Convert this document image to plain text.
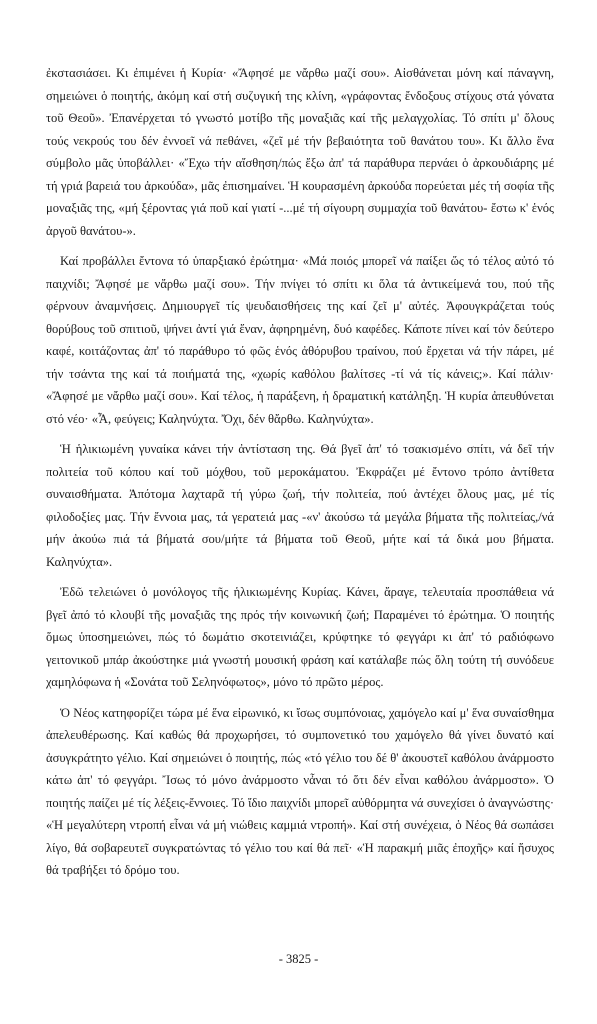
ἐκστασιάσει. Κι ἐπιμένει ἡ Κυρία· «Ἄφησέ με νἄρθω μαζί σου». Αἰσθάνεται μόνη καί πάναγνη, σημειώνει ὁ ποιητής, ἀκόμη καί στή συζυγική της κλίνη, «γράφοντας ἔνδοξους στίχους στά γόνατα τοῦ Θεοῦ». Ἐπανέρχεται τό γνωστό μοτίβο τῆς μοναξιᾶς καί τῆς μελαγχολίας. Τό σπίτι μ' ὅλους τούς νεκρούς του δέν ἐννοεῖ νά πεθάνει, «ζεῖ μέ τήν βεβαιότητα τοῦ θανάτου του». Κι ἄλλο ἕνα σύμβολο μᾶς ὑποβάλλει· «Ἔχω τήν αἴσθηση/πώς ἔξω ἀπ' τά παράθυρα περνάει ὁ ἀρκουδιάρης μέ τή γριά βαρειά του ἀρκούδα», μᾶς ἐπισημαίνει. Ἡ κουρασμένη ἀρκούδα πορεύεται μές τή σοφία τῆς μοναξιᾶς της, «μή ξέροντας γιά ποῦ καί γιατί -...μέ τή σίγουρη συμμαχία τοῦ θανάτου- ἔστω κ' ἑνός ἀργοῦ θανάτου-».

Καί προβάλλει ἔντονα τό ὑπαρξιακό ἐρώτημα· «Μά ποιός μπορεῖ νά παίξει ὥς τό τέλος αὐτό τό παιχνίδι; Ἄφησέ με νἄρθω μαζί σου». Τήν πνίγει τό σπίτι κι ὅλα τά ἀντικείμενά του, πού τῆς φέρνουν ἀναμνήσεις. Δημιουργεῖ τίς ψευδαισθήσεις της καί ζεῖ μ' αὐτές. Ἀφουγκράζεται τούς θορύβους τοῦ σπιτιοῦ, ψήνει ἀντί γιά ἕναν, ἀφηρημένη, δυό καφέδες. Κάποτε πίνει καί τόν δεύτερο καφέ, κοιτάζοντας ἀπ' τό παράθυρο τό φῶς ἑνός ἀθόρυβου τραίνου, πού ἔρχεται νά τήν πάρει, μέ τήν τσάντα της καί τά ποιήματά της, «χωρίς καθόλου βαλίτσες -τί νά τίς κάνεις;». Καί πάλιν· «Ἄφησέ με νἄρθω μαζί σου». Καί τέλος, ἡ παράξενη, ἡ δραματική κατάληξη. Ἡ κυρία ἀπευθύνεται στό νέο· «Ἆ, φεύγεις; Καληνύχτα. Ὄχι, δέν θἄρθω. Καληνύχτα».

Ἡ ἡλικιωμένη γυναίκα κάνει τήν ἀντίσταση της. Θά βγεῖ ἀπ' τό τσακισμένο σπίτι, νά δεῖ τήν πολιτεία τοῦ κόπου καί τοῦ μόχθου, τοῦ μεροκάματου. Ἐκφράζει μέ ἔντονο τρόπο ἀντίθετα συναισθήματα. Ἀπότομα λαχταρᾶ τή γύρω ζωή, τήν πολιτεία, πού ἀντέχει ὅλους μας, μέ τίς φιλοδοξίες μας. Τήν ἔννοια μας, τά γερατειά μας -«ν' ἀκούσω τά μεγάλα βήματα τῆς πολιτείας,/νά μήν ἀκούω πιά τά βήματά σου/μήτε τά βήματα τοῦ Θεοῦ, μήτε καί τά δικά μου βήματα. Καληνύχτα».

Ἐδῶ τελειώνει ὁ μονόλογος τῆς ἡλικιωμένης Κυρίας. Κάνει, ἄραγε, τελευταία προσπάθεια νά βγεῖ ἀπό τό κλουβί τῆς μοναξιᾶς της πρός τήν κοινωνική ζωή; Παραμένει τό ἐρώτημα. Ὁ ποιητής ὅμως ὑποσημειώνει, πώς τό δωμάτιο σκοτεινιάζει, κρύφτηκε τό φεγγάρι κι ἀπ' τό ραδιόφωνο γειτονικοῦ μπάρ ἀκούστηκε μιά γνωστή μουσική φράση καί κατάλαβε πώς ὅλη τούτη τή συνόδευε χαμηλόφωνα ἡ «Σονάτα τοῦ Σεληνόφωτος», μόνο τό πρῶτο μέρος.

Ὁ Νέος κατηφορίζει τώρα μέ ἕνα εἰρωνικό, κι ἴσως συμπόνοιας, χαμόγελο καί μ' ἕνα συναίσθημα ἀπελευθέρωσης. Καί καθώς θά προχωρήσει, τό συμπονετικό του χαμόγελο θά γίνει δυνατό καί ἀσυγκράτητο γέλιο. Καί σημειώνει ὁ ποιητής, πώς «τό γέλιο του δέ θ' ἀκουστεῖ καθόλου ἀνάρμοστο κάτω ἀπ' τό φεγγάρι. Ἴσως τό μόνο ἀνάρμοστο νἆναι τό ὅτι δέν εἶναι καθόλου ἀνάρμοστο». Ὁ ποιητής παίζει μέ τίς λέξεις-ἔννοιες. Τό ἴδιο παιχνίδι μπορεῖ αὐθόρμητα νά συνεχίσει ὁ ἀναγνώστης· «Ἡ μεγαλύτερη ντροπή εἶναι νά μή νιώθεις καμμιά ντροπή». Καί στή συνέχεια, ὁ Νέος θά σωπάσει λίγο, θά σοβαρευτεῖ συγκρατώντας τό γέλιο του καί θά πεῖ· «Ἡ παρακμή μιᾶς ἐποχῆς» καί ἥσυχος θά τραβήξει τό δρόμο του.

- 3825 -
